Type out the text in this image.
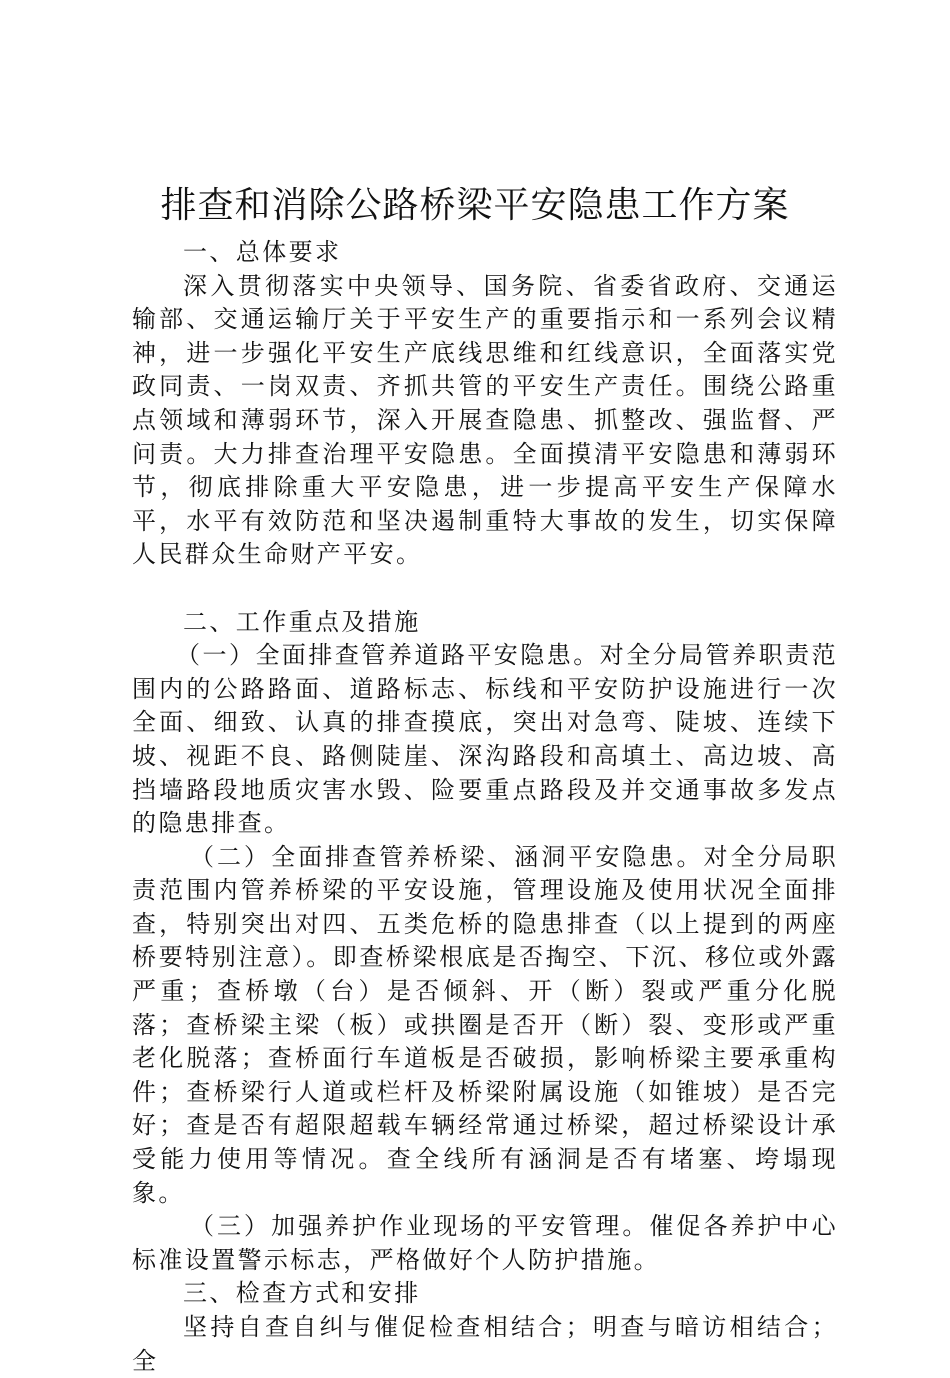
排查和消除公路桥梁平安隐患工作方案

一、总体要求

深入贯彻落实中央领导、国务院、省委省政府、交通运输部、交通运输厅关于平安生产的重要指示和一系列会议精神，进一步强化平安生产底线思维和红线意识，全面落实党政同责、一岗双责、齐抓共管的平安生产责任。围绕公路重点领域和薄弱环节，深入开展查隐患、抓整改、强监督、严问责。大力排查治理平安隐患。全面摸清平安隐患和薄弱环节，彻底排除重大平安隐患，进一步提高平安生产保障水平，水平有效防范和坚决遏制重特大事故的发生，切实保障人民群众生命财产平安。

二、工作重点及措施

（一）全面排查管养道路平安隐患。对全分局管养职责范围内的公路路面、道路标志、标线和平安防护设施进行一次全面、细致、认真的排查摸底，突出对急弯、陡坡、连续下坡、视距不良、路侧陡崖、深沟路段和高填土、高边坡、高挡墙路段地质灾害水毁、险要重点路段及并交通事故多发点的隐患排查。

（二）全面排查管养桥梁、涵洞平安隐患。对全分局职责范围内管养桥梁的平安设施，管理设施及使用状况全面排查，特别突出对四、五类危桥的隐患排查（以上提到的两座桥要特别注意）。即查桥梁根底是否掏空、下沉、移位或外露严重；查桥墩（台）是否倾斜、开（断）裂或严重分化脱落；查桥梁主梁（板）或拱圈是否开（断）裂、变形或严重老化脱落；查桥面行车道板是否破损，影响桥梁主要承重构件；查桥梁行人道或栏杆及桥梁附属设施（如锥坡）是否完好；查是否有超限超载车辆经常通过桥梁，超过桥梁设计承受能力使用等情况。查全线所有涵洞是否有堵塞、垮塌现象。

（三）加强养护作业现场的平安管理。催促各养护中心标准设置警示标志，严格做好个人防护措施。

三、检查方式和安排

坚持自查自纠与催促检查相结合；明查与暗访相结合；全
